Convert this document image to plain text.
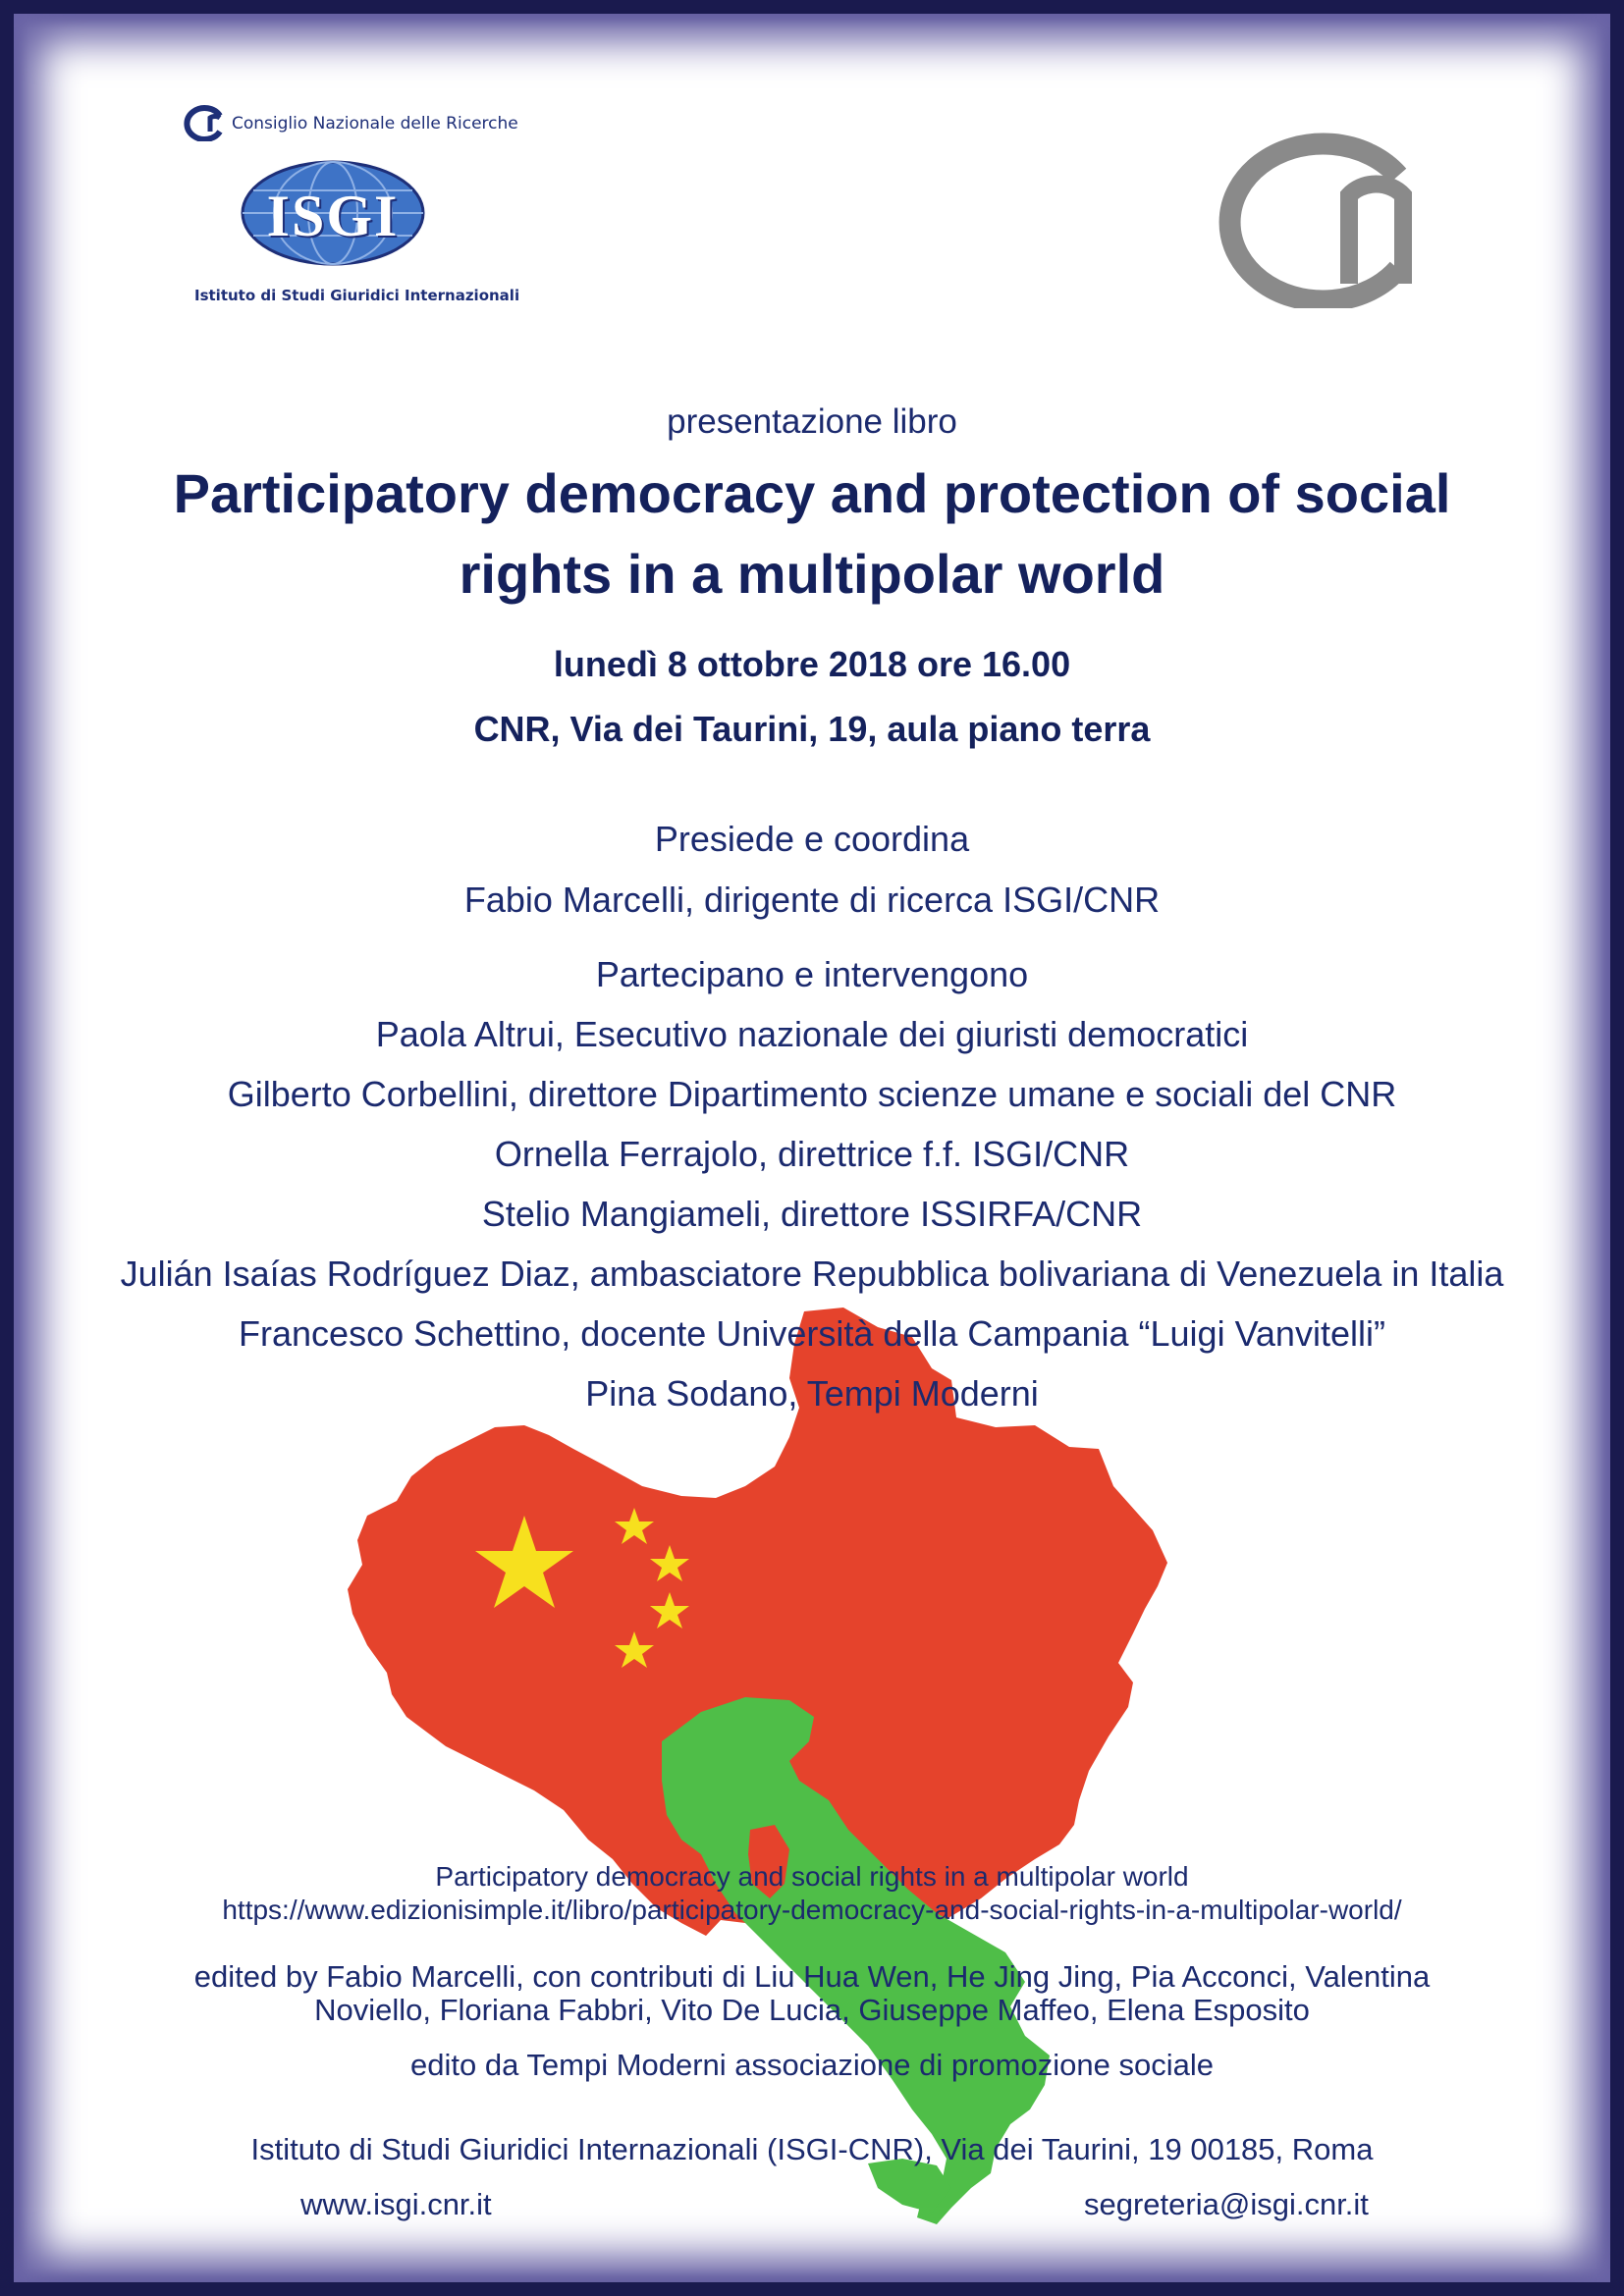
Consiglio Nazionale delle Ricerche
ISGI
Istituto di Studi Giuridici Internazionali
presentazione libro
Participatory democracy and protection of social
rights in a multipolar world
lunedì 8 ottobre 2018 ore 16.00
CNR, Via dei Taurini, 19, aula piano terra
Presiede e coordina
Fabio Marcelli, dirigente di ricerca ISGI/CNR
Partecipano e intervengono
Paola Altrui, Esecutivo nazionale dei giuristi democratici
Gilberto Corbellini, direttore Dipartimento scienze umane e sociali del CNR
Ornella Ferrajolo, direttrice f.f. ISGI/CNR
Stelio Mangiameli, direttore ISSIRFA/CNR
Julián Isaías Rodríguez Diaz, ambasciatore Repubblica bolivariana di Venezuela in Italia
Francesco Schettino, docente Università della Campania “Luigi Vanvitelli”
Pina Sodano, Tempi Moderni
Participatory democracy and social rights in a multipolar world
https://www.edizionisimple.it/libro/participatory-democracy-and-social-rights-in-a-multipolar-world/
edited by Fabio Marcelli, con contributi di Liu Hua Wen, He Jing Jing, Pia Acconci, Valentina
Noviello, Floriana Fabbri, Vito De Lucia, Giuseppe Maffeo, Elena Esposito
edito da Tempi Moderni associazione di promozione sociale
Istituto di Studi Giuridici Internazionali (ISGI-CNR), Via dei Taurini, 19 00185, Roma
www.isgi.cnr.it	segreteria@isgi.cnr.it
